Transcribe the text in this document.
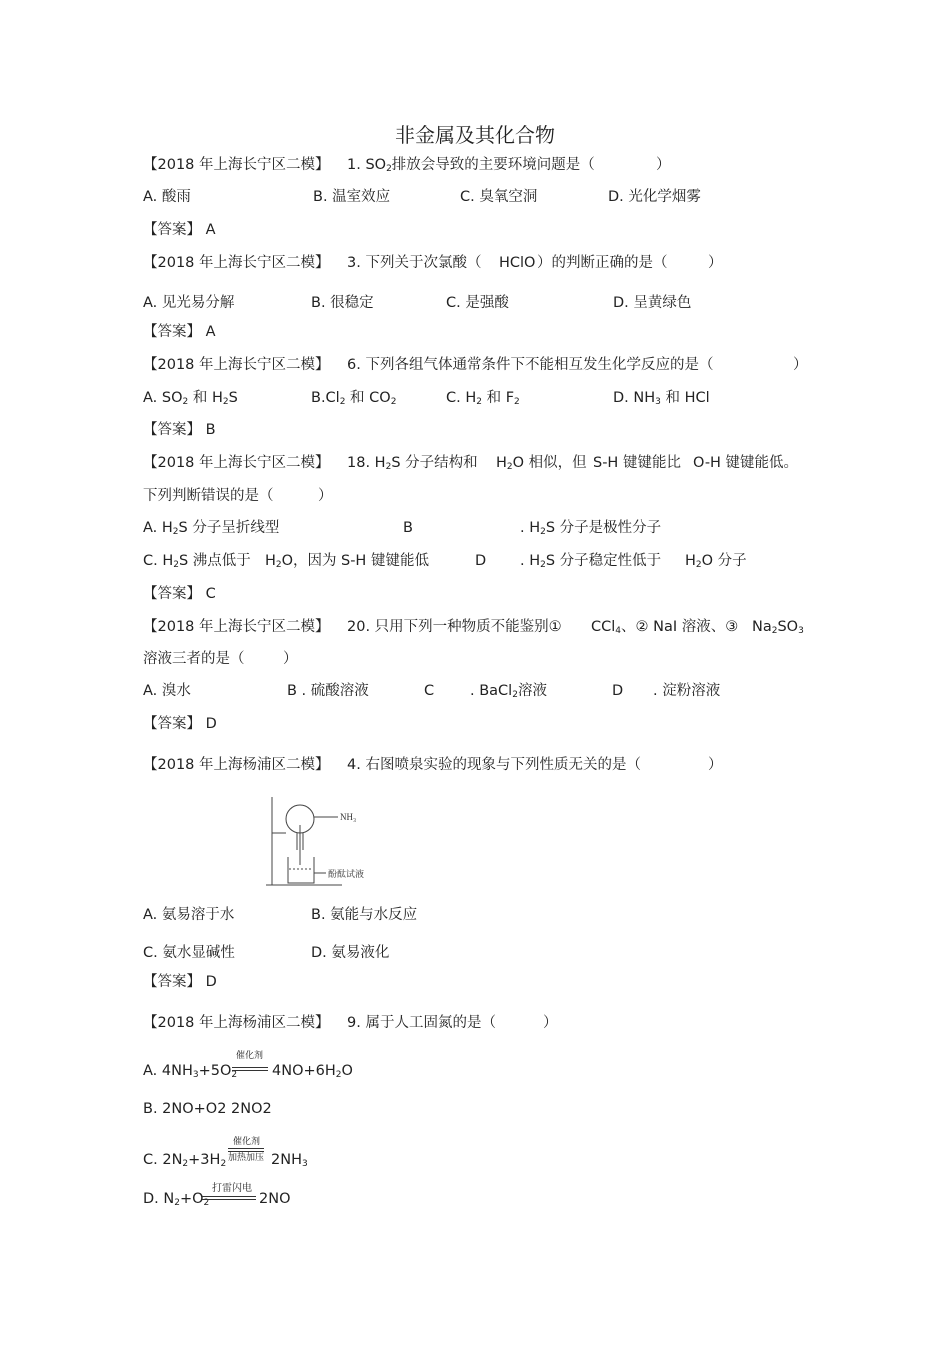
非金属及其化合物
【2018 年上海长宁区二模】 1. $SO_2$排放会导致的主要环境问题是（	）
A. 酸雨	B. 温室效应	C. 臭氧空洞	D. 光化学烟雾
【答案】 A
【2018 年上海长宁区二模】 3. 下列关于次氯酸（ HClO ）的判断正确的是（	）
A. 见光易分解	B. 很稳定	C. 是强酸	D. 呈黄绿色
【答案】 A
【2018 年上海长宁区二模】 6. 下列各组气体通常条件下不能相互发生化学反应的是（	）
A. $SO_2$ 和 $H_2S$	$B.Cl_2$ 和 $CO_2$	C. $H_2$ 和 $F_2$	D. $NH_3$ 和 HCl
【答案】 B
【2018 年上海长宁区二模】 18. $H_2S$ 分子结构和 $H_2O$ 相似，但 S-H 键键能比 O-H 键键能低。
下列判断错误的是（	）
A. $H_2S$ 分子呈折线型	B	. $H_2S$ 分子是极性分子
C. $H_2S$ 沸点低于 $H_2O$，因为 S-H 键键能低	D . $H_2S$ 分子稳定性低于 $H_2O$ 分子
【答案】 C
【2018 年上海长宁区二模】 20. 只用下列一种物质不能鉴别① CCl$_4$、② NaI 溶液、③ $Na_2SO_3$
溶液三者的是（	）
A. 溴水	B . 硫酸溶液	C . BaCl$_2$溶液	D . 淀粉溶液
【答案】 D
【2018 年上海杨浦区二模】 4. 右图喷泉实验的现象与下列性质无关的是（	）
NH₃
酚酞试液
A. 氨易溶于水	B. 氨能与水反应
C. 氨水显碱性	D. 氨易液化
【答案】 D
【2018 年上海杨浦区二模】 9. 属于人工固氮的是（	）
A. $4NH_3+5O_2$
催化剂
$4NO+6H_2O$
B. 2NO+O2 2NO2
C. $2N_2+3H_2$
催化剂
加热加压 $2NH_3$
D. $N_2+O_2$
打雷闪电
2NO
